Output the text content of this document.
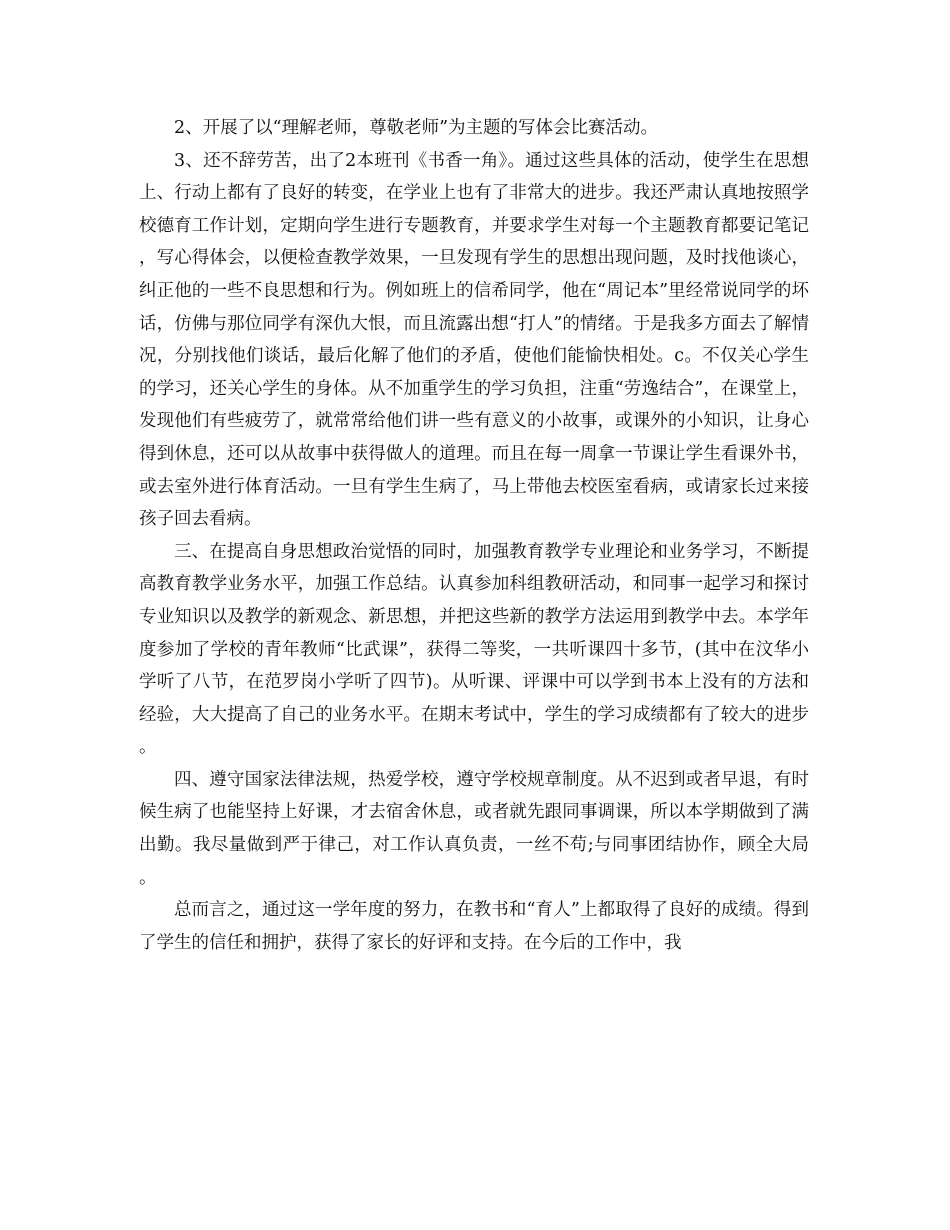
2、开展了以“理解老师，尊敬老师”为主题的写体会比赛活动。

3、还不辞劳苦，出了2本班刊《书香一角》。通过这些具体的活动，使学生在思想上、行动上都有了良好的转变，在学业上也有了非常大的进步。我还严肃认真地按照学校德育工作计划，定期向学生进行专题教育，并要求学生对每一个主题教育都要记笔记，写心得体会，以便检查教学效果，一旦发现有学生的思想出现问题，及时找他谈心，纠正他的一些不良思想和行为。例如班上的信希同学，他在“周记本”里经常说同学的坏话，仿佛与那位同学有深仇大恨，而且流露出想“打人”的情绪。于是我多方面去了解情况，分别找他们谈话，最后化解了他们的矛盾，使他们能愉快相处。c。不仅关心学生的学习，还关心学生的身体。从不加重学生的学习负担，注重“劳逸结合”，在课堂上，发现他们有些疲劳了，就常常给他们讲一些有意义的小故事，或课外的小知识，让身心得到休息，还可以从故事中获得做人的道理。而且在每一周拿一节课让学生看课外书，或去室外进行体育活动。一旦有学生生病了，马上带他去校医室看病，或请家长过来接孩子回去看病。

三、在提高自身思想政治觉悟的同时，加强教育教学专业理论和业务学习，不断提高教育教学业务水平，加强工作总结。认真参加科组教研活动，和同事一起学习和探讨专业知识以及教学的新观念、新思想，并把这些新的教学方法运用到教学中去。本学年度参加了学校的青年教师“比武课”，获得二等奖，一共听课四十多节，(其中在汶华小学听了八节，在范罗岗小学听了四节)。从听课、评课中可以学到书本上没有的方法和经验，大大提高了自己的业务水平。在期末考试中，学生的学习成绩都有了较大的进步。

四、遵守国家法律法规，热爱学校，遵守学校规章制度。从不迟到或者早退，有时候生病了也能坚持上好课，才去宿舍休息，或者就先跟同事调课，所以本学期做到了满出勤。我尽量做到严于律己，对工作认真负责，一丝不苟;与同事团结协作，顾全大局。

总而言之，通过这一学年度的努力，在教书和“育人”上都取得了良好的成绩。得到了学生的信任和拥护，获得了家长的好评和支持。在今后的工作中，我
